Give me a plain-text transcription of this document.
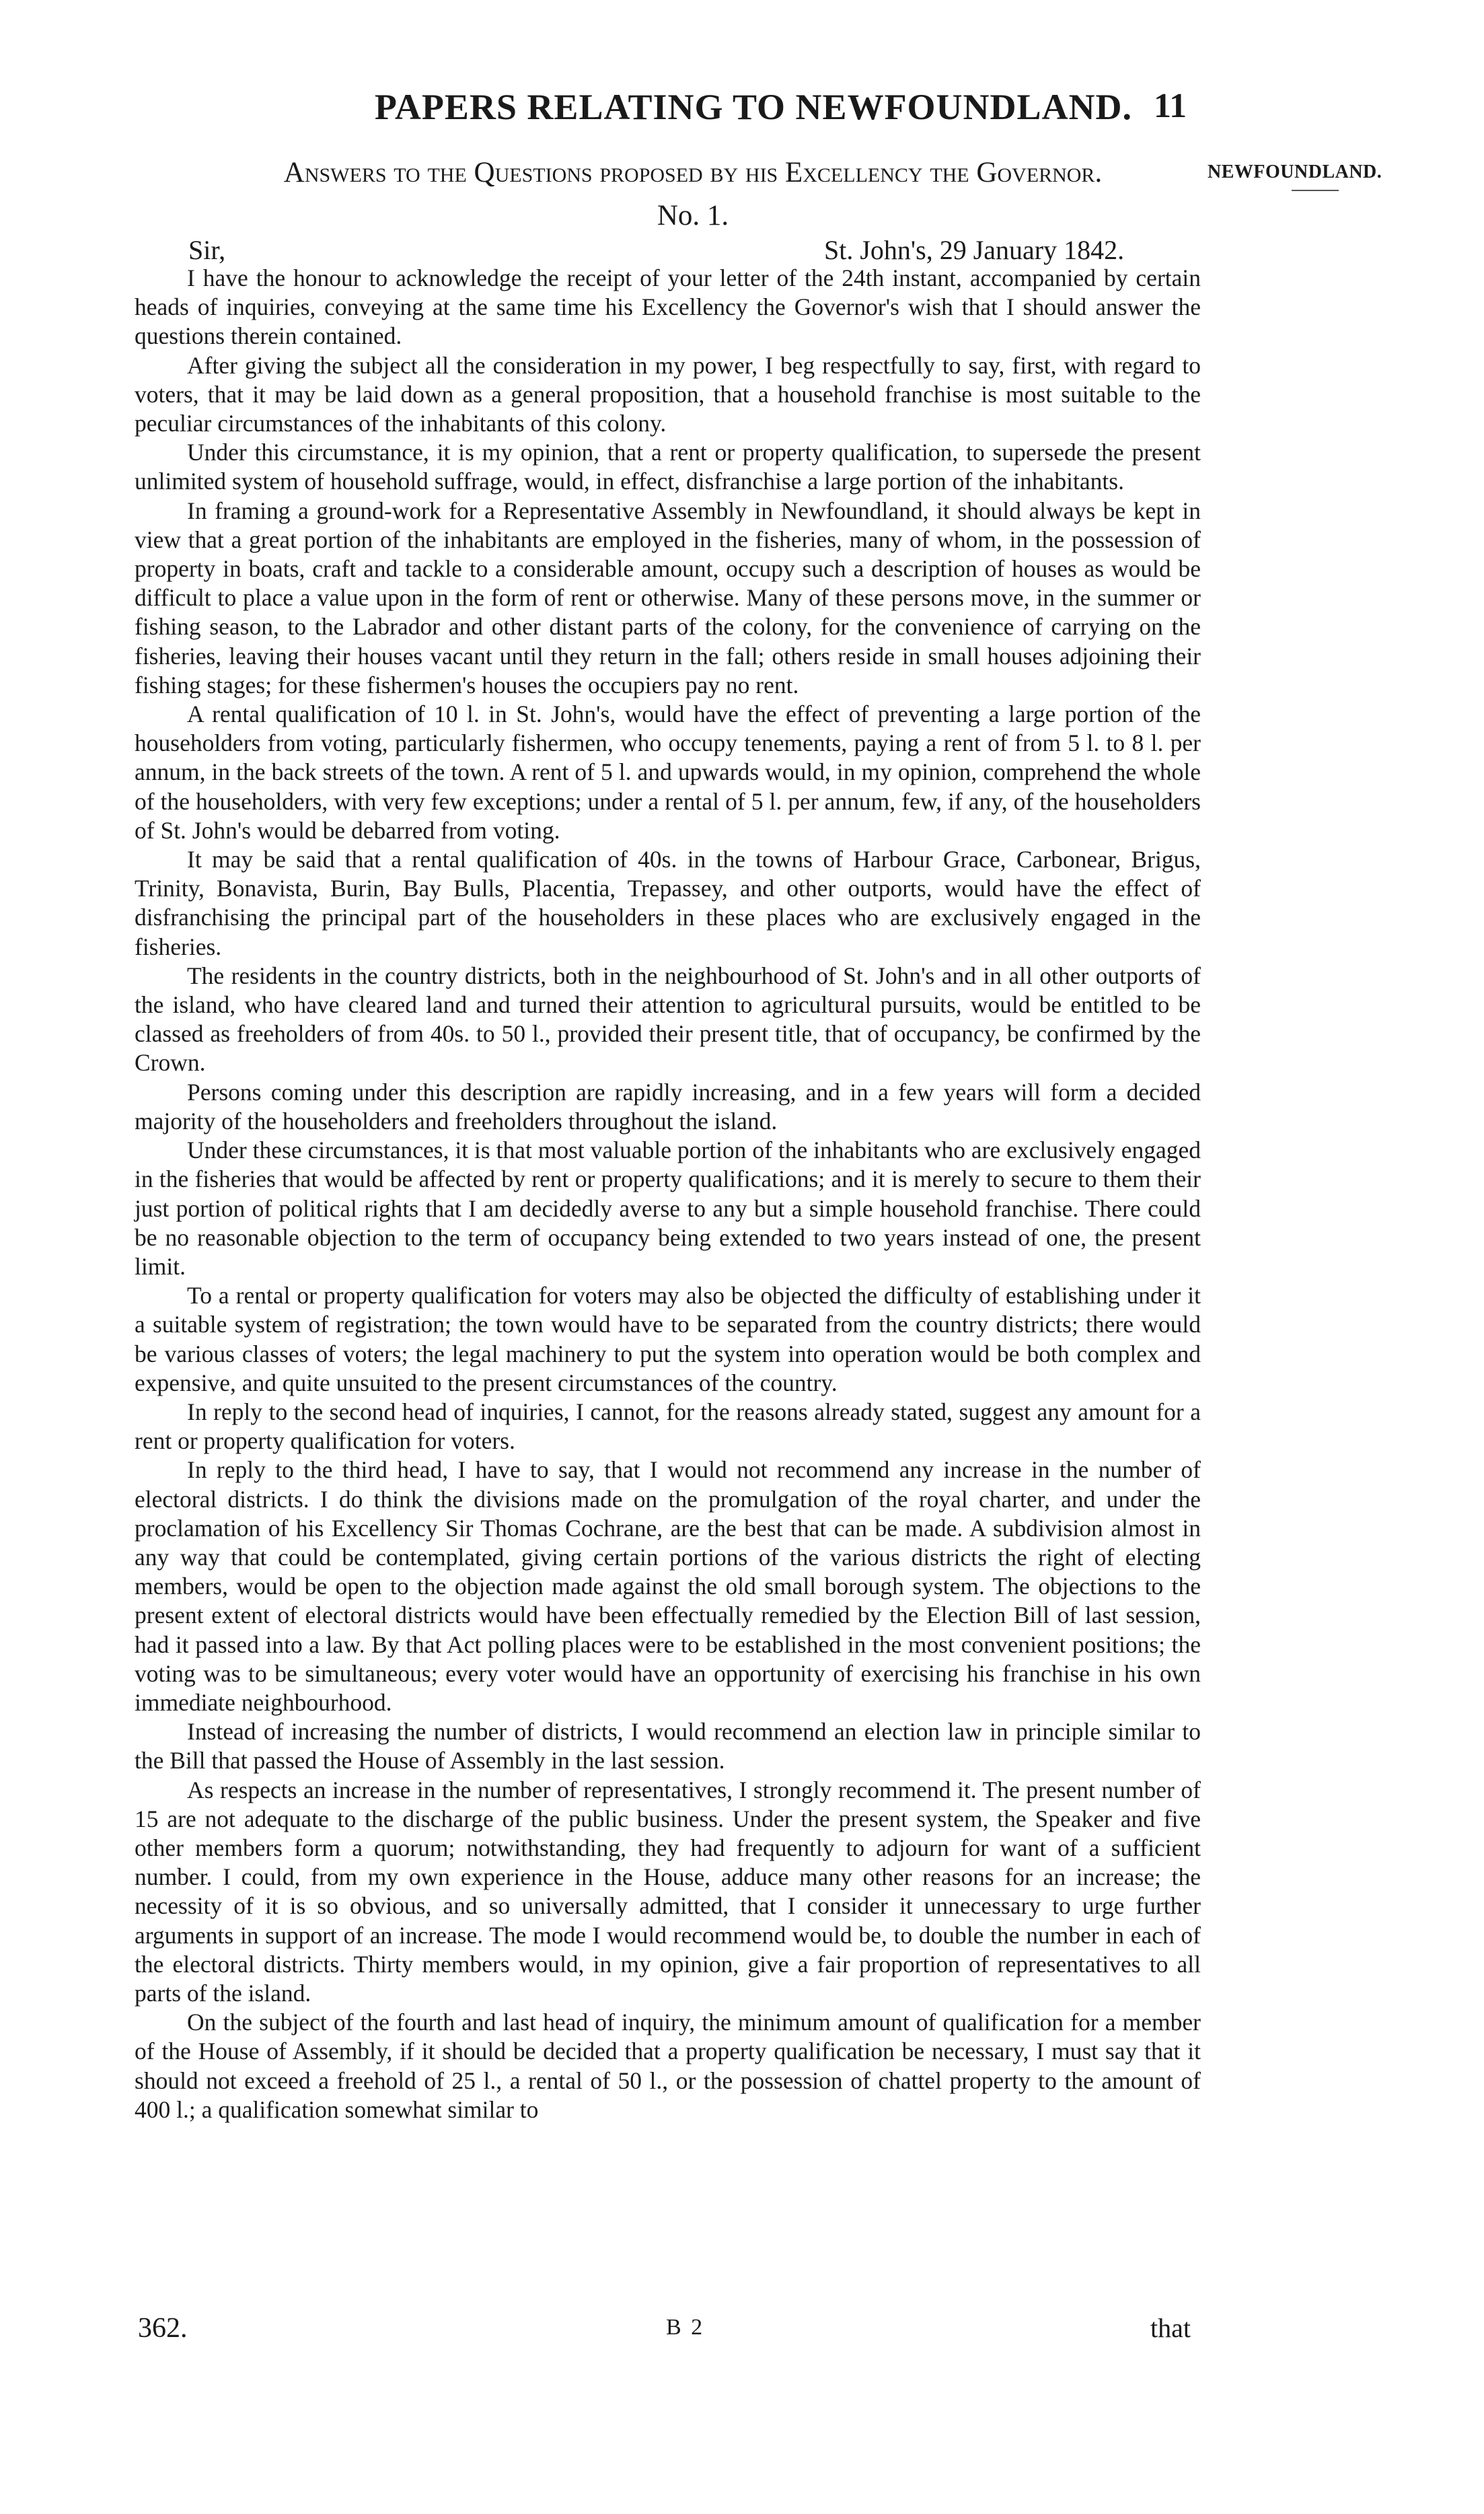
PAPERS RELATING TO NEWFOUNDLAND. 11
NEWFOUNDLAND.
Answers to the Questions proposed by his Excellency the Governor.
No. 1.
Sir,	St. John's, 29 January 1842.

I have the honour to acknowledge the receipt of your letter of the 24th instant, accompanied by certain heads of inquiries, conveying at the same time his Excellency the Governor's wish that I should answer the questions therein contained.

After giving the subject all the consideration in my power, I beg respectfully to say, first, with regard to voters, that it may be laid down as a general proposition, that a household franchise is most suitable to the peculiar circumstances of the inhabitants of this colony.

Under this circumstance, it is my opinion, that a rent or property qualification, to supersede the present unlimited system of household suffrage, would, in effect, disfranchise a large portion of the inhabitants.

In framing a ground-work for a Representative Assembly in Newfoundland, it should always be kept in view that a great portion of the inhabitants are employed in the fisheries, many of whom, in the possession of property in boats, craft and tackle to a considerable amount, occupy such a description of houses as would be difficult to place a value upon in the form of rent or otherwise. Many of these persons move, in the summer or fishing season, to the Labrador and other distant parts of the colony, for the convenience of carrying on the fisheries, leaving their houses vacant until they return in the fall; others reside in small houses adjoining their fishing stages; for these fishermen's houses the occupiers pay no rent.

A rental qualification of 10 l. in St. John's, would have the effect of preventing a large portion of the householders from voting, particularly fishermen, who occupy tenements, paying a rent of from 5 l. to 8 l. per annum, in the back streets of the town. A rent of 5 l. and upwards would, in my opinion, comprehend the whole of the householders, with very few exceptions; under a rental of 5 l. per annum, few, if any, of the householders of St. John's would be debarred from voting.

It may be said that a rental qualification of 40s. in the towns of Harbour Grace, Carbonear, Brigus, Trinity, Bonavista, Burin, Bay Bulls, Placentia, Trepassey, and other outports, would have the effect of disfranchising the principal part of the householders in these places who are exclusively engaged in the fisheries.

The residents in the country districts, both in the neighbourhood of St. John's and in all other outports of the island, who have cleared land and turned their attention to agricultural pursuits, would be entitled to be classed as freeholders of from 40s. to 50 l., provided their present title, that of occupancy, be confirmed by the Crown.

Persons coming under this description are rapidly increasing, and in a few years will form a decided majority of the householders and freeholders throughout the island.

Under these circumstances, it is that most valuable portion of the inhabitants who are exclusively engaged in the fisheries that would be affected by rent or property qualifications; and it is merely to secure to them their just portion of political rights that I am decidedly averse to any but a simple household franchise. There could be no reasonable objection to the term of occupancy being extended to two years instead of one, the present limit.

To a rental or property qualification for voters may also be objected the difficulty of establishing under it a suitable system of registration; the town would have to be separated from the country districts; there would be various classes of voters; the legal machinery to put the system into operation would be both complex and expensive, and quite unsuited to the present circumstances of the country.

In reply to the second head of inquiries, I cannot, for the reasons already stated, suggest any amount for a rent or property qualification for voters.

In reply to the third head, I have to say, that I would not recommend any increase in the number of electoral districts. I do think the divisions made on the promulgation of the royal charter, and under the proclamation of his Excellency Sir Thomas Cochrane, are the best that can be made. A subdivision almost in any way that could be contemplated, giving certain portions of the various districts the right of electing members, would be open to the objection made against the old small borough system. The objections to the present extent of electoral districts would have been effectually remedied by the Election Bill of last session, had it passed into a law. By that Act polling places were to be established in the most convenient positions; the voting was to be simultaneous; every voter would have an opportunity of exercising his franchise in his own immediate neighbourhood.

Instead of increasing the number of districts, I would recommend an election law in principle similar to the Bill that passed the House of Assembly in the last session.

As respects an increase in the number of representatives, I strongly recommend it. The present number of 15 are not adequate to the discharge of the public business. Under the present system, the Speaker and five other members form a quorum; notwithstanding, they had frequently to adjourn for want of a sufficient number. I could, from my own experience in the House, adduce many other reasons for an increase; the necessity of it is so obvious, and so universally admitted, that I consider it unnecessary to urge further arguments in support of an increase. The mode I would recommend would be, to double the number in each of the electoral districts. Thirty members would, in my opinion, give a fair proportion of representatives to all parts of the island.

On the subject of the fourth and last head of inquiry, the minimum amount of qualification for a member of the House of Assembly, if it should be decided that a property qualification be necessary, I must say that it should not exceed a freehold of 25 l., a rental of 50 l., or the possession of chattel property to the amount of 400 l.; a qualification somewhat similar to

362.	B 2	that
